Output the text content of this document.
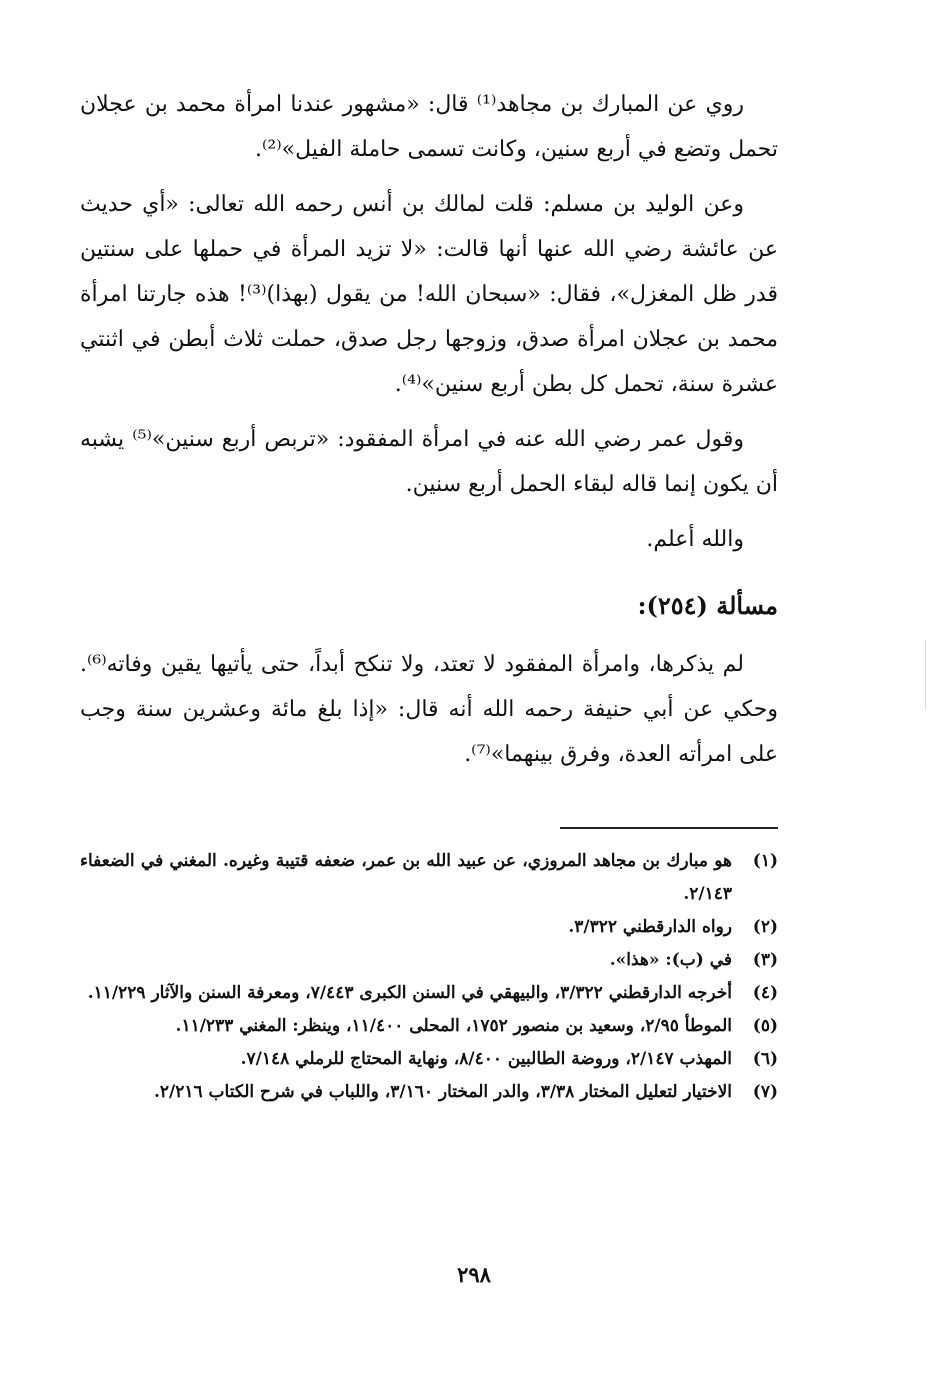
روي عن المبارك بن مجاهد⁽¹⁾ قال: «مشهور عندنا امرأة محمد بن عجلان تحمل وتضع في أربع سنين، وكانت تسمى حاملة الفيل»⁽²⁾.

وعن الوليد بن مسلم: قلت لمالك بن أنس رحمه الله تعالى: «أي حديث عن عائشة رضي الله عنها أنها قالت: «لا تزيد المرأة في حملها على سنتين قدر ظل المغزل»، فقال: «سبحان الله! من يقول (بهذا)⁽³⁾! هذه جارتنا امرأة محمد بن عجلان امرأة صدق، وزوجها رجل صدق، حملت ثلاث أبطن في اثنتي عشرة سنة، تحمل كل بطن أربع سنين»⁽⁴⁾.

وقول عمر رضي الله عنه في امرأة المفقود: «تربص أربع سنين»⁽⁵⁾ يشبه أن يكون إنما قاله لبقاء الحمل أربع سنين.

والله أعلم.

مسألة (٢٥٤):

لم يذكرها، وامرأة المفقود لا تعتد، ولا تنكح أبداً، حتى يأتيها يقين وفاته⁽⁶⁾. وحكي عن أبي حنيفة رحمه الله أنه قال: «إذا بلغ مائة وعشرين سنة وجب على امرأته العدة، وفرق بينهما»⁽⁷⁾.

(١)
هو مبارك بن مجاهد المروزي، عن عبيد الله بن عمر، ضعفه قتيبة وغيره. المغني في الضعفاء ٢/١٤٣.
(٢)
رواه الدارقطني ٣/٣٢٢.
(٣)
في (ب): «هذا».
(٤)
أخرجه الدارقطني ٣/٣٢٢، والبيهقي في السنن الكبرى ٧/٤٤٣، ومعرفة السنن والآثار ١١/٢٢٩.
(٥)
الموطأ ٢/٩٥، وسعيد بن منصور ١٧٥٢، المحلى ١١/٤٠٠، وينظر: المغني ١١/٢٣٣.
(٦)
المهذب ٢/١٤٧، وروضة الطالبين ٨/٤٠٠، ونهاية المحتاج للرملي ٧/١٤٨.
(٧)
الاختيار لتعليل المختار ٣/٣٨، والدر المختار ٣/١٦٠، واللباب في شرح الكتاب ٢/٢١٦.
٢٩٨
